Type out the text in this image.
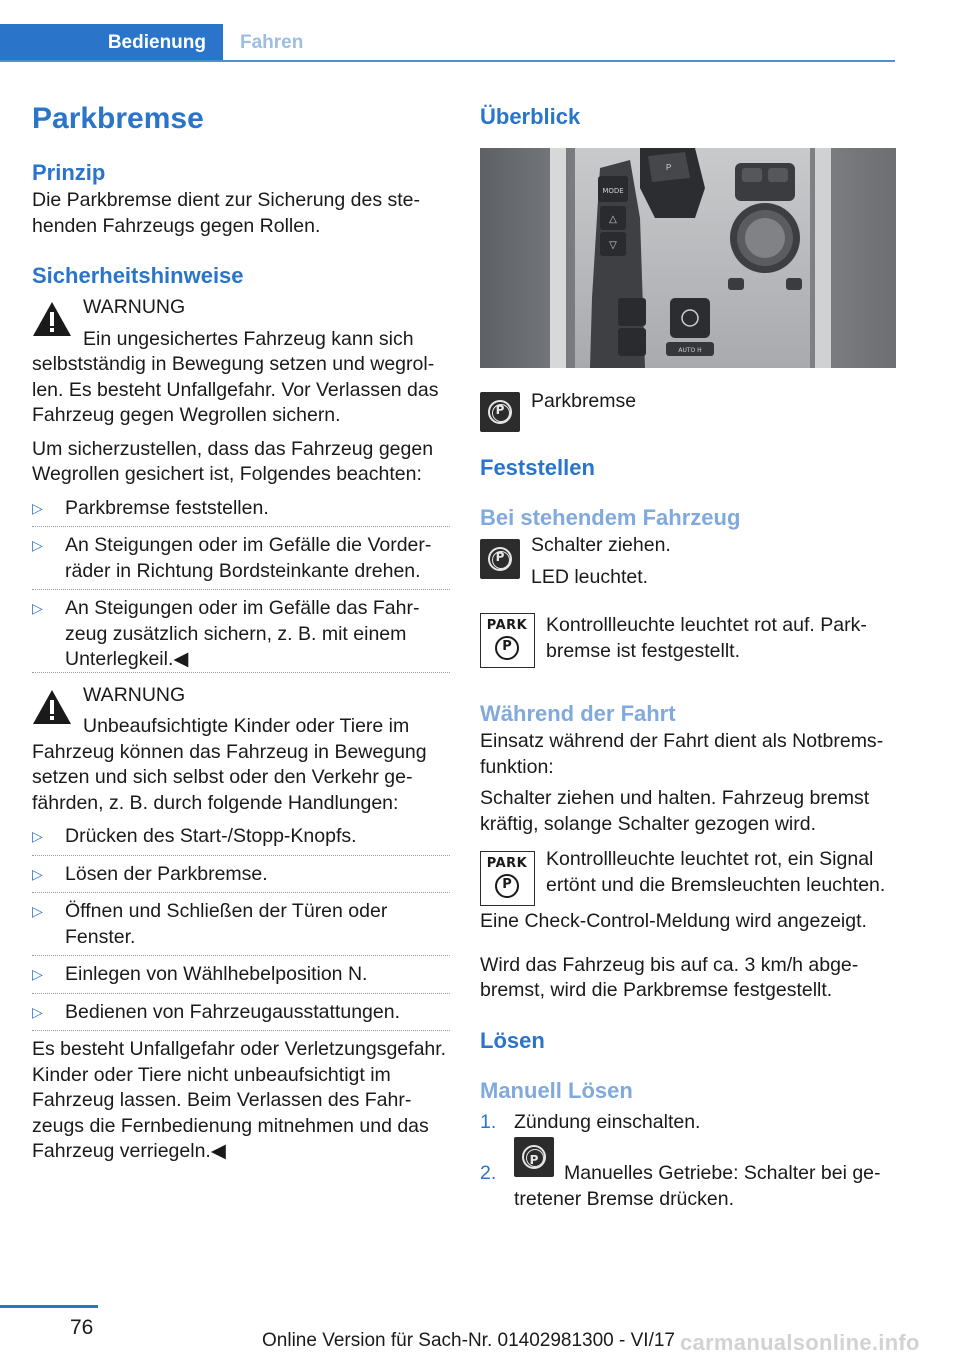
Bedienung	Fahren
Parkbremse
Prinzip
Die Parkbremse dient zur Sicherung des stehenden Fahrzeugs gegen Rollen.
Sicherheitshinweise
WARNUNG
Ein ungesichertes Fahrzeug kann sich
selbstständig in Bewegung setzen und wegrollen. Es besteht Unfallgefahr. Vor Verlassen das Fahrzeug gegen Wegrollen sichern.
Um sicherzustellen, dass das Fahrzeug gegen Wegrollen gesichert ist, Folgendes beachten:
▷ Parkbremse feststellen.
▷ An Steigungen oder im Gefälle die Vorderräder in Richtung Bordsteinkante drehen.
▷ An Steigungen oder im Gefälle das Fahrzeug zusätzlich sichern, z. B. mit einem Unterlegkeil.◀
WARNUNG
Unbeaufsichtigte Kinder oder Tiere im
Fahrzeug können das Fahrzeug in Bewegung setzen und sich selbst oder den Verkehr gefährden, z. B. durch folgende Handlungen:
▷ Drücken des Start-/Stopp-Knopfs.
▷ Lösen der Parkbremse.
▷ Öffnen und Schließen der Türen oder Fenster.
▷ Einlegen von Wählhebelposition N.
▷ Bedienen von Fahrzeugausstattungen.
Es besteht Unfallgefahr oder Verletzungsgefahr. Kinder oder Tiere nicht unbeaufsichtigt im Fahrzeug lassen. Beim Verlassen des Fahrzeugs die Fernbedienung mitnehmen und das Fahrzeug verriegeln.◀
Überblick
MODE
△
▽
P
AUTO H
P	Parkbremse
Feststellen
Bei stehendem Fahrzeug
P
Schalter ziehen.
LED leuchtet.
PARK
P
Kontrollleuchte leuchtet rot auf. Parkbremse ist festgestellt.
Während der Fahrt
Einsatz während der Fahrt dient als Notbremsfunktion:
Schalter ziehen und halten. Fahrzeug bremst kräftig, solange Schalter gezogen wird.
PARK
P
Kontrollleuchte leuchtet rot, ein Signal ertönt und die Bremsleuchten leuchten.
Eine Check-Control-Meldung wird angezeigt.
Wird das Fahrzeug bis auf ca. 3 km/h abgebremst, wird die Parkbremse festgestellt.
Lösen
Manuell Lösen
1. Zündung einschalten.
2.
P
Manuelles Getriebe: Schalter bei getretener Bremse drücken.
76
Online Version für Sach-Nr. 01402981300 - VI/17 carmanualsonline.info
